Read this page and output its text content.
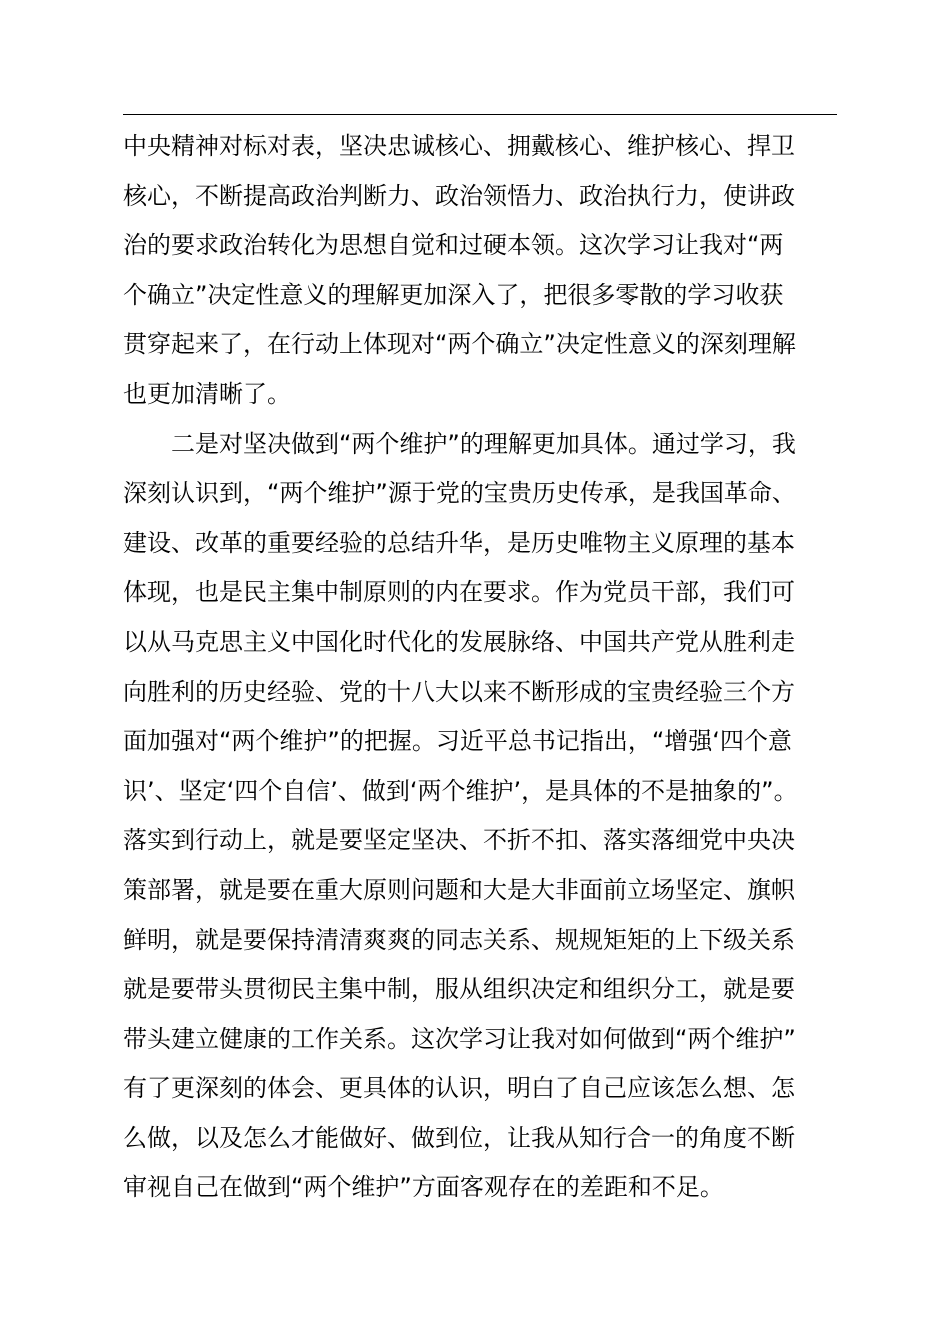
中央精神对标对表，坚决忠诚核心、拥戴核心、维护核心、捍卫
核心，不断提高政治判断力、政治领悟力、政治执行力，使讲政
治的要求政治转化为思想自觉和过硬本领。这次学习让我对“两
个确立”决定性意义的理解更加深入了，把很多零散的学习收获
贯穿起来了，在行动上体现对“两个确立”决定性意义的深刻理解
也更加清晰了。
二是对坚决做到“两个维护”的理解更加具体。通过学习，我
深刻认识到，“两个维护”源于党的宝贵历史传承，是我国革命、
建设、改革的重要经验的总结升华，是历史唯物主义原理的基本
体现，也是民主集中制原则的内在要求。作为党员干部，我们可
以从马克思主义中国化时代化的发展脉络、中国共产党从胜利走
向胜利的历史经验、党的十八大以来不断形成的宝贵经验三个方
面加强对“两个维护”的把握。习近平总书记指出，“增强‘四个意
识’、坚定‘四个自信’、做到‘两个维护’，是具体的不是抽象的”。
落实到行动上，就是要坚定坚决、不折不扣、落实落细党中央决
策部署，就是要在重大原则问题和大是大非面前立场坚定、旗帜
鲜明，就是要保持清清爽爽的同志关系、规规矩矩的上下级关系
就是要带头贯彻民主集中制，服从组织决定和组织分工，就是要
带头建立健康的工作关系。这次学习让我对如何做到“两个维护”
有了更深刻的体会、更具体的认识，明白了自己应该怎么想、怎
么做，以及怎么才能做好、做到位，让我从知行合一的角度不断
审视自己在做到“两个维护”方面客观存在的差距和不足。
